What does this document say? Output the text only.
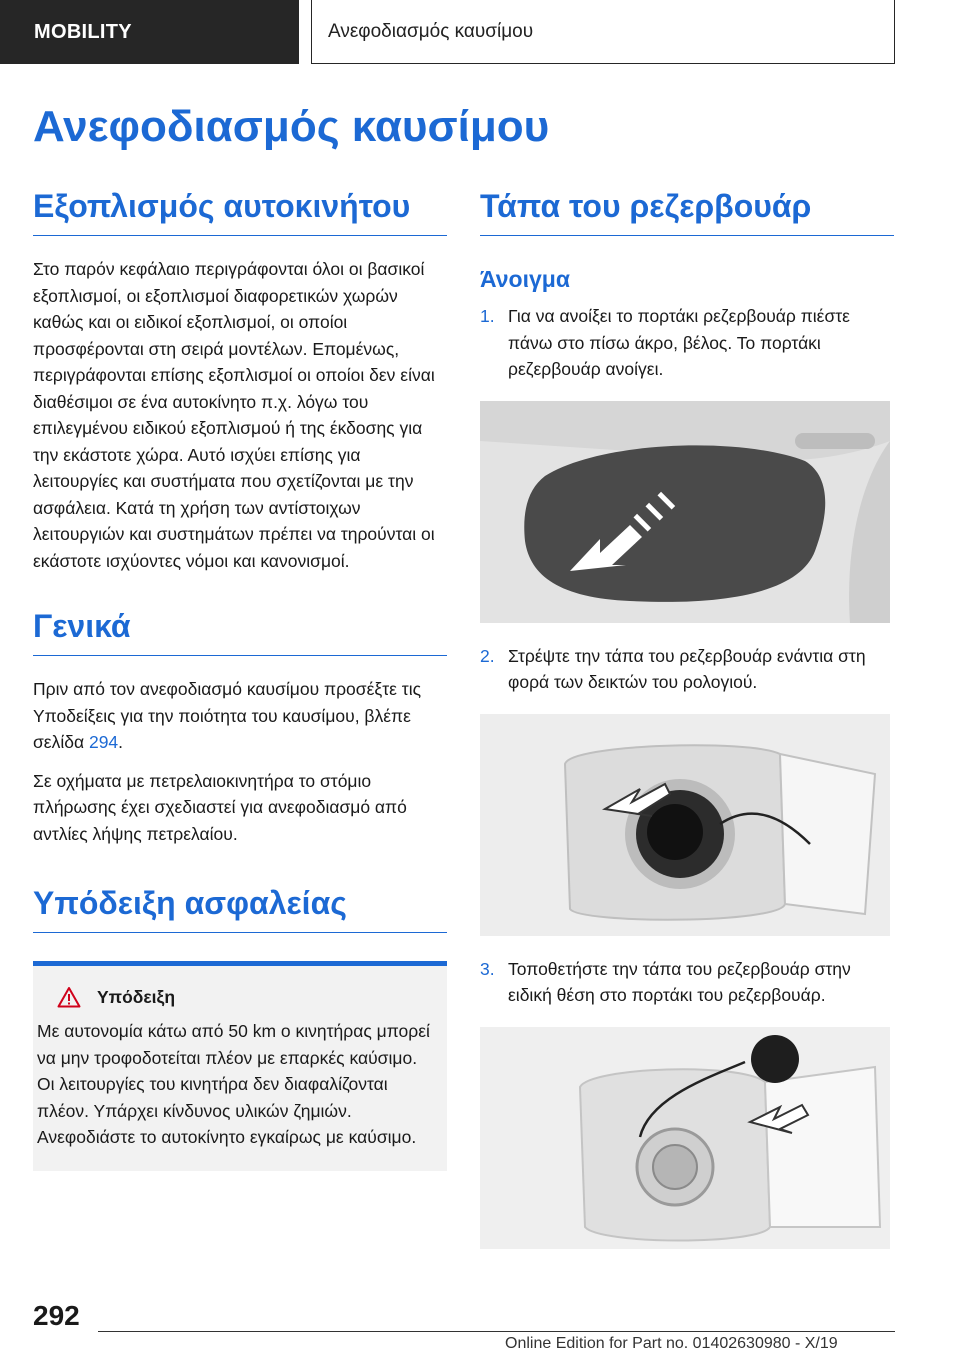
MOBILITY	Ανεφοδιασμός καυσίμου
Ανεφοδιασμός καυσίμου
Εξοπλισμός αυτοκινήτου

Στο παρόν κεφάλαιο περιγράφονται όλοι οι βασικοί εξοπλισμοί, οι εξοπλισμοί διαφορετικών χωρών καθώς και οι ειδικοί εξοπλισμοί, οι οποίοι προσφέρονται στη σειρά μοντέλων. Επομένως, περιγράφονται επίσης εξοπλισμοί οι οποίοι δεν είναι διαθέσιμοι σε ένα αυτοκίνητο π.χ. λόγω του επιλεγμένου ειδικού εξοπλισμού ή της έκδοσης για την εκάστοτε χώρα. Αυτό ισχύει επίσης για λειτουργίες και συστήματα που σχετίζονται με την ασφάλεια. Κατά τη χρήση των αντίστοιχων λειτουργιών και συστημάτων πρέπει να τηρούνται οι εκάστοτε ισχύοντες νόμοι και κανονισμοί.

Γενικά

Πριν από τον ανεφοδιασμό καυσίμου προσέξτε τις Υποδείξεις για την ποιότητα του καυσίμου, βλέπε σελίδα 294.

Σε οχήματα με πετρελαιοκινητήρα το στόμιο πλήρωσης έχει σχεδιαστεί για ανεφοδιασμό από αντλίες λήψης πετρελαίου.

Υπόδειξη ασφαλείας
Υπόδειξη

Με αυτονομία κάτω από 50 km ο κινητήρας μπορεί να μην τροφοδοτείται πλέον με επαρκές καύσιμο. Οι λειτουργίες του κινητήρα δεν διαφαλίζονται πλέον. Υπάρχει κίνδυνος υλικών ζημιών. Ανεφοδιάστε το αυτοκίνητο εγκαίρως με καύσιμο.

Τάπα του ρεζερβουάρ
Άνοιγμα
1. Για να ανοίξει το πορτάκι ρεζερβουάρ πιέστε πάνω στο πίσω άκρο, βέλος. Το πορτάκι ρεζερβουάρ ανοίγει.
2. Στρέψτε την τάπα του ρεζερβουάρ ενάντια στη φορά των δεικτών του ρολογιού.
3. Τοποθετήστε την τάπα του ρεζερβουάρ στην ειδική θέση στο πορτάκι του ρεζερβουάρ.
292
Online Edition for Part no. 01402630980 - X/19
